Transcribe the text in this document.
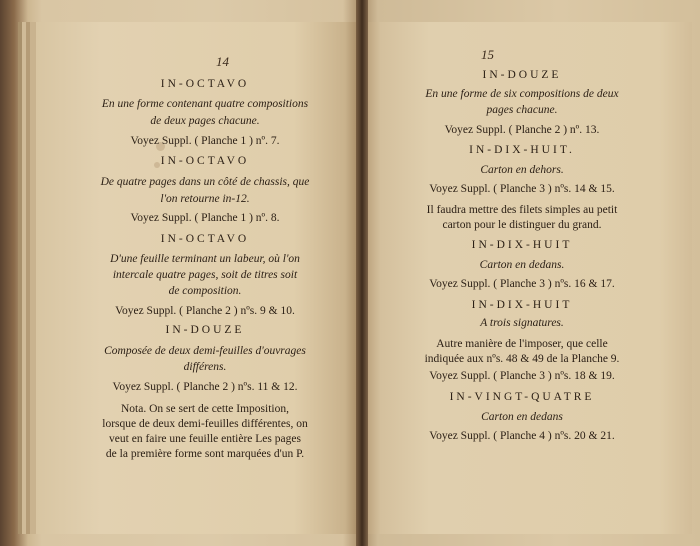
14	15
IN-OCTAVO
En une forme contenant quatre compositions
de deux pages chacune.
Voyez Suppl. ( Planche 1 ) nº. 7.
IN-OCTAVO
De quatre pages dans un côté de chassis, que
l'on retourne in-12.
Voyez Suppl. ( Planche 1 ) nº. 8.
IN-OCTAVO
D'une feuille terminant un labeur, où l'on
intercale quatre pages, soit de titres soit
de composition.
Voyez Suppl. ( Planche 2 ) nºs. 9 & 10.
IN-DOUZE
Composée de deux demi-feuilles d'ouvrages
différens.
Voyez Suppl. ( Planche 2 ) nºs. 11 & 12.
Nota. On se sert de cette Imposition,
lorsque de deux demi-feuilles différentes, on
veut en faire une feuille entière Les pages
de la première forme sont marquées d'un P.
IN-DOUZE
En une forme de six compositions de deux
pages chacune.
Voyez Suppl. ( Planche 2 ) nº. 13.
IN-DIX-HUIT.
Carton en dehors.
Voyez Suppl. ( Planche 3 ) nºs. 14 & 15.
Il faudra mettre des filets simples au petit
carton pour le distinguer du grand.
IN-DIX-HUIT
Carton en dedans.
Voyez Suppl. ( Planche 3 ) nºs. 16 & 17.
IN-DIX-HUIT
A trois signatures.
Autre manière de l'imposer, que celle
indiquée aux nºs. 48 & 49 de la Planche 9.
Voyez Suppl. ( Planche 3 ) nºs. 18 & 19.
IN-VINGT-QUATRE
Carton en dedans
Voyez Suppl. ( Planche 4 ) nºs. 20 & 21.
